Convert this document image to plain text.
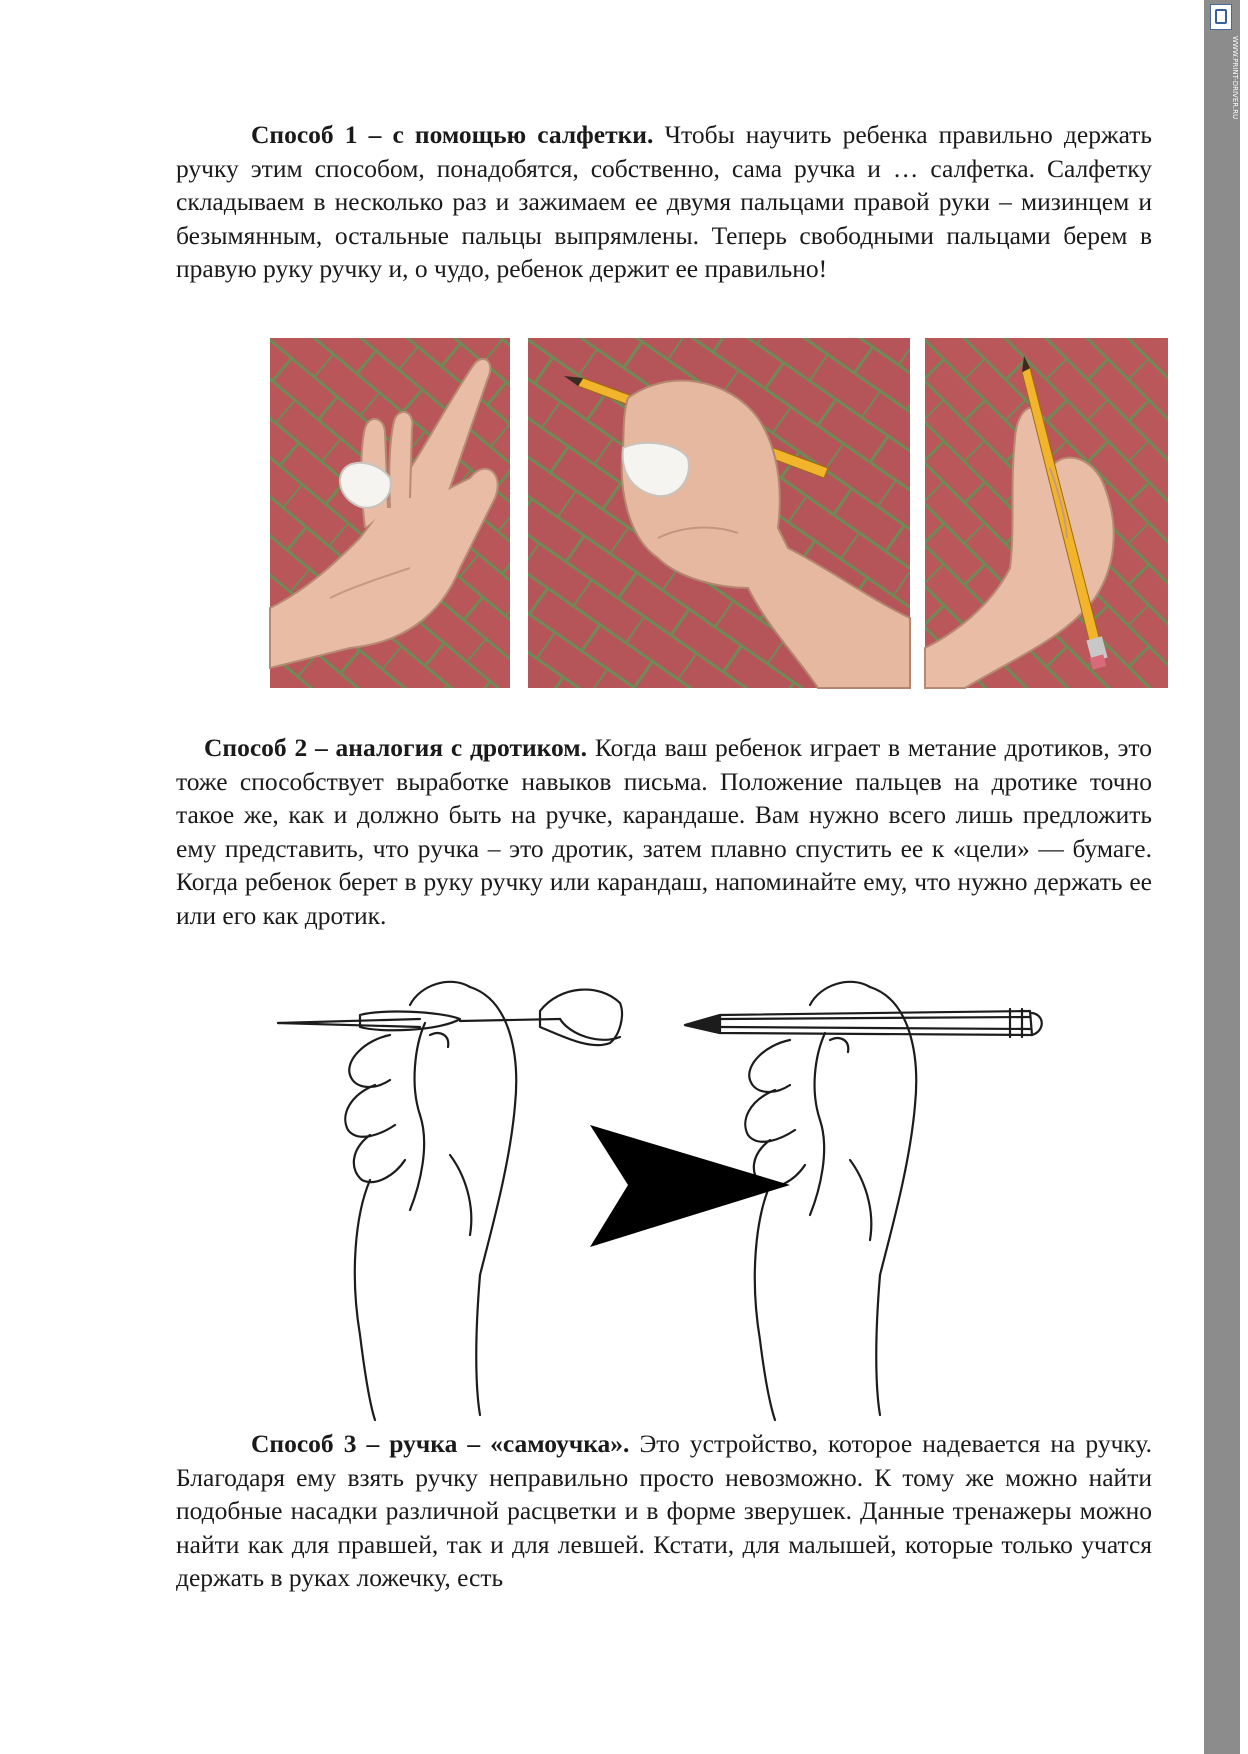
Создано демо-версией Универсального Конвертера Документов. Полная версия не добавляет этот штамп.
WWW.PRINT-DRIVER.RU

Способ 1 – с помощью салфетки. Чтобы научить ребенка правильно держать ручку этим способом, понадобятся, собственно, сама ручка и … салфетка. Салфетку складываем в несколько раз и зажимаем ее двумя пальцами правой руки – мизинцем и безымянным, остальные пальцы выпрямлены. Теперь свободными пальцами берем в правую руку ручку и, о чудо, ребенок держит ее правильно!

Способ 2 – аналогия с дротиком. Когда ваш ребенок играет в метание дротиков, это тоже способствует выработке навыков письма. Положение пальцев на дротике точно такое же, как и должно быть на ручке, карандаше. Вам нужно всего лишь предложить ему представить, что ручка – это дротик, затем плавно спустить ее к «цели» — бумаге. Когда ребенок берет в руку ручку или карандаш, напоминайте ему, что нужно держать ее или его как дротик.

Способ 3 – ручка – «самоучка». Это устройство, которое надевается на ручку. Благодаря ему взять ручку неправильно просто невозможно. К тому же можно найти подобные насадки различной расцветки и в форме зверушек. Данные тренажеры можно найти как для правшей, так и для левшей. Кстати, для малышей, которые только учатся держать в руках ложечку, есть
